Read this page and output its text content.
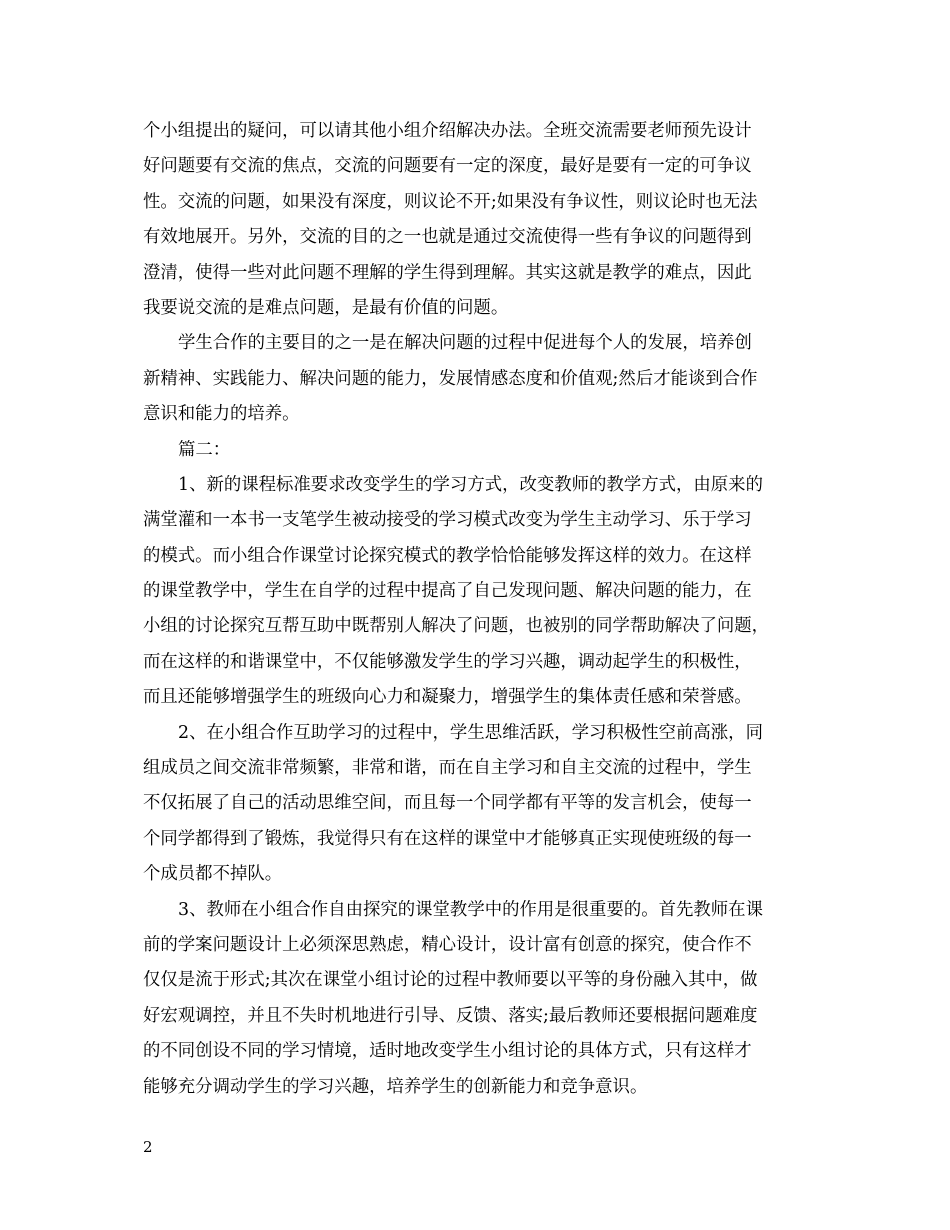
个小组提出的疑问，可以请其他小组介绍解决办法。全班交流需要老师预先设计
好问题要有交流的焦点，交流的问题要有一定的深度，最好是要有一定的可争议
性。交流的问题，如果没有深度，则议论不开;如果没有争议性，则议论时也无法
有效地展开。另外，交流的目的之一也就是通过交流使得一些有争议的问题得到
澄清，使得一些对此问题不理解的学生得到理解。其实这就是教学的难点，因此
我要说交流的是难点问题，是最有价值的问题。
学生合作的主要目的之一是在解决问题的过程中促进每个人的发展，培养创
新精神、实践能力、解决问题的能力，发展情感态度和价值观;然后才能谈到合作
意识和能力的培养。
篇二：
1、新的课程标准要求改变学生的学习方式，改变教师的教学方式，由原来的
满堂灌和一本书一支笔学生被动接受的学习模式改变为学生主动学习、乐于学习
的模式。而小组合作课堂讨论探究模式的教学恰恰能够发挥这样的效力。在这样
的课堂教学中，学生在自学的过程中提高了自己发现问题、解决问题的能力，在
小组的讨论探究互帮互助中既帮别人解决了问题，也被别的同学帮助解决了问题，
而在这样的和谐课堂中，不仅能够激发学生的学习兴趣，调动起学生的积极性，
而且还能够增强学生的班级向心力和凝聚力，增强学生的集体责任感和荣誉感。
2、在小组合作互助学习的过程中，学生思维活跃，学习积极性空前高涨，同
组成员之间交流非常频繁，非常和谐，而在自主学习和自主交流的过程中，学生
不仅拓展了自己的活动思维空间，而且每一个同学都有平等的发言机会，使每一
个同学都得到了锻炼，我觉得只有在这样的课堂中才能够真正实现使班级的每一
个成员都不掉队。
3、教师在小组合作自由探究的课堂教学中的作用是很重要的。首先教师在课
前的学案问题设计上必须深思熟虑，精心设计，设计富有创意的探究，使合作不
仅仅是流于形式;其次在课堂小组讨论的过程中教师要以平等的身份融入其中，做
好宏观调控，并且不失时机地进行引导、反馈、落实;最后教师还要根据问题难度
的不同创设不同的学习情境，适时地改变学生小组讨论的具体方式，只有这样才
能够充分调动学生的学习兴趣，培养学生的创新能力和竞争意识。
2
